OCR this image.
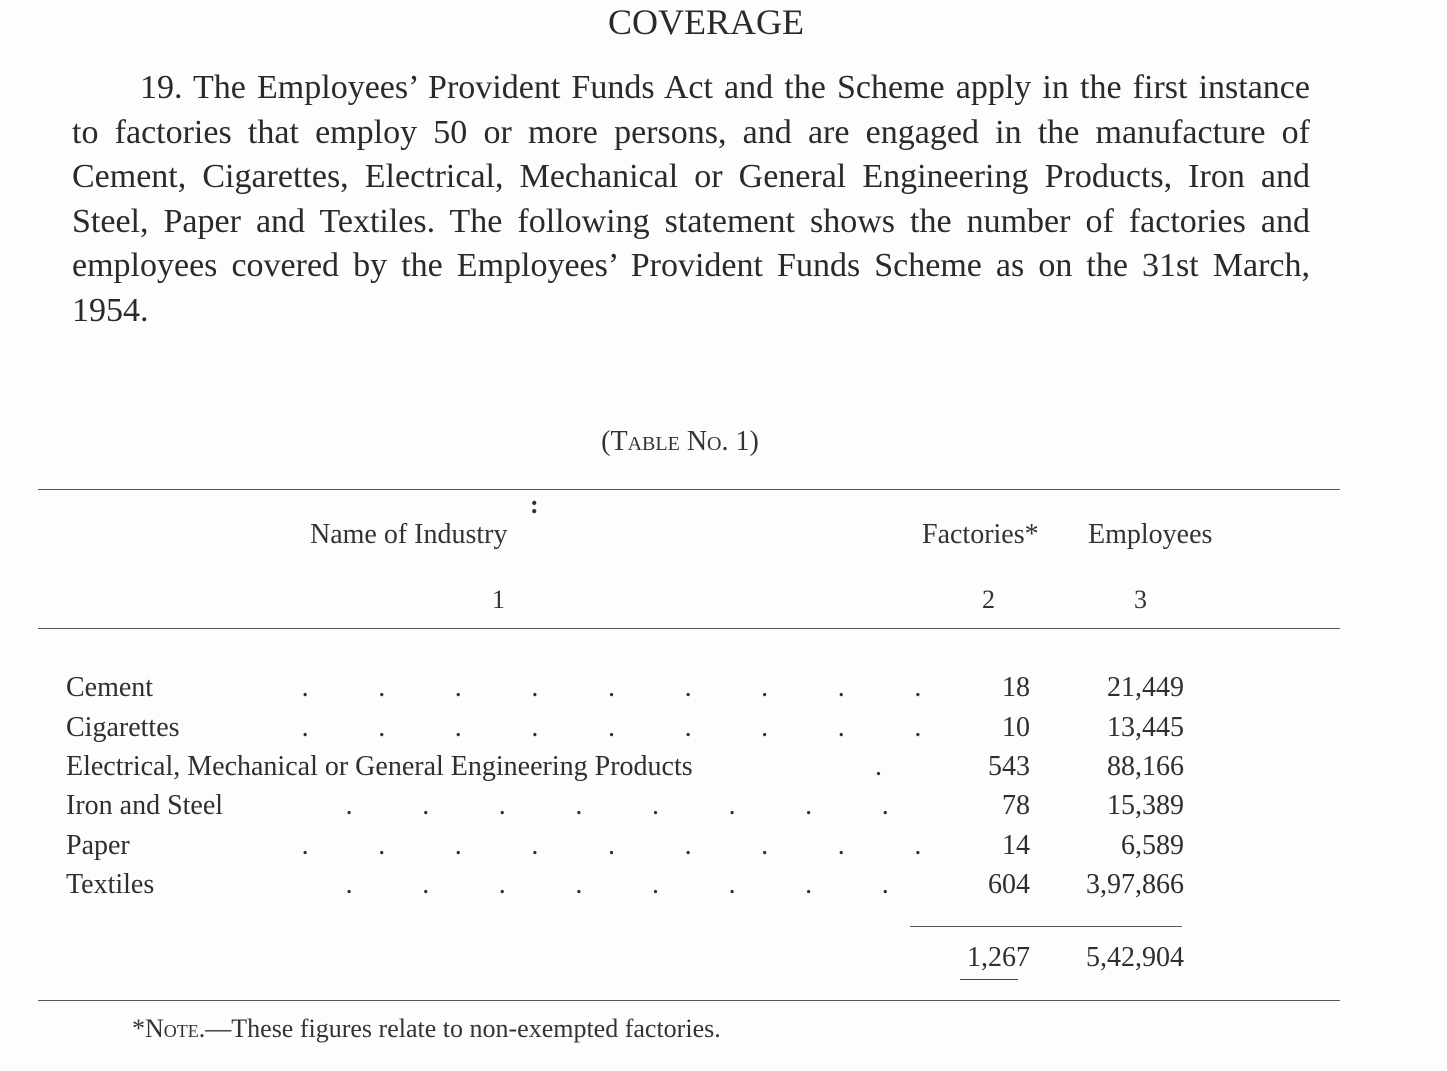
COVERAGE
19. The Employees’ Provident Funds Act and the Scheme apply in the first instance to factories that employ 50 or more persons, and are engaged in the manufacture of Cement, Cigarettes, Electrical, Mechanical or General Engineering Products, Iron and Steel, Paper and Textiles. The following statement shows the number of factories and employees covered by the Employees’ Provident Funds Scheme as on the 31st March, 1954.
(Table No. 1)
:
Name of Industry	Factories* Employees
1	2	3
Cement	. . . . . . . . .	18	21,449
Cigarettes	. . . . . . . . .	10	13,445
Electrical, Mechanical or General Engineering Products	.	543	88,166
Iron and Steel	. . . . . . . .	78	15,389
Paper	. . . . . . . . .	14	6,589
Textiles	. . . . . . . .	604 3,97,866
1,267 5,42,904
*Note.—These figures relate to non-exempted factories.
